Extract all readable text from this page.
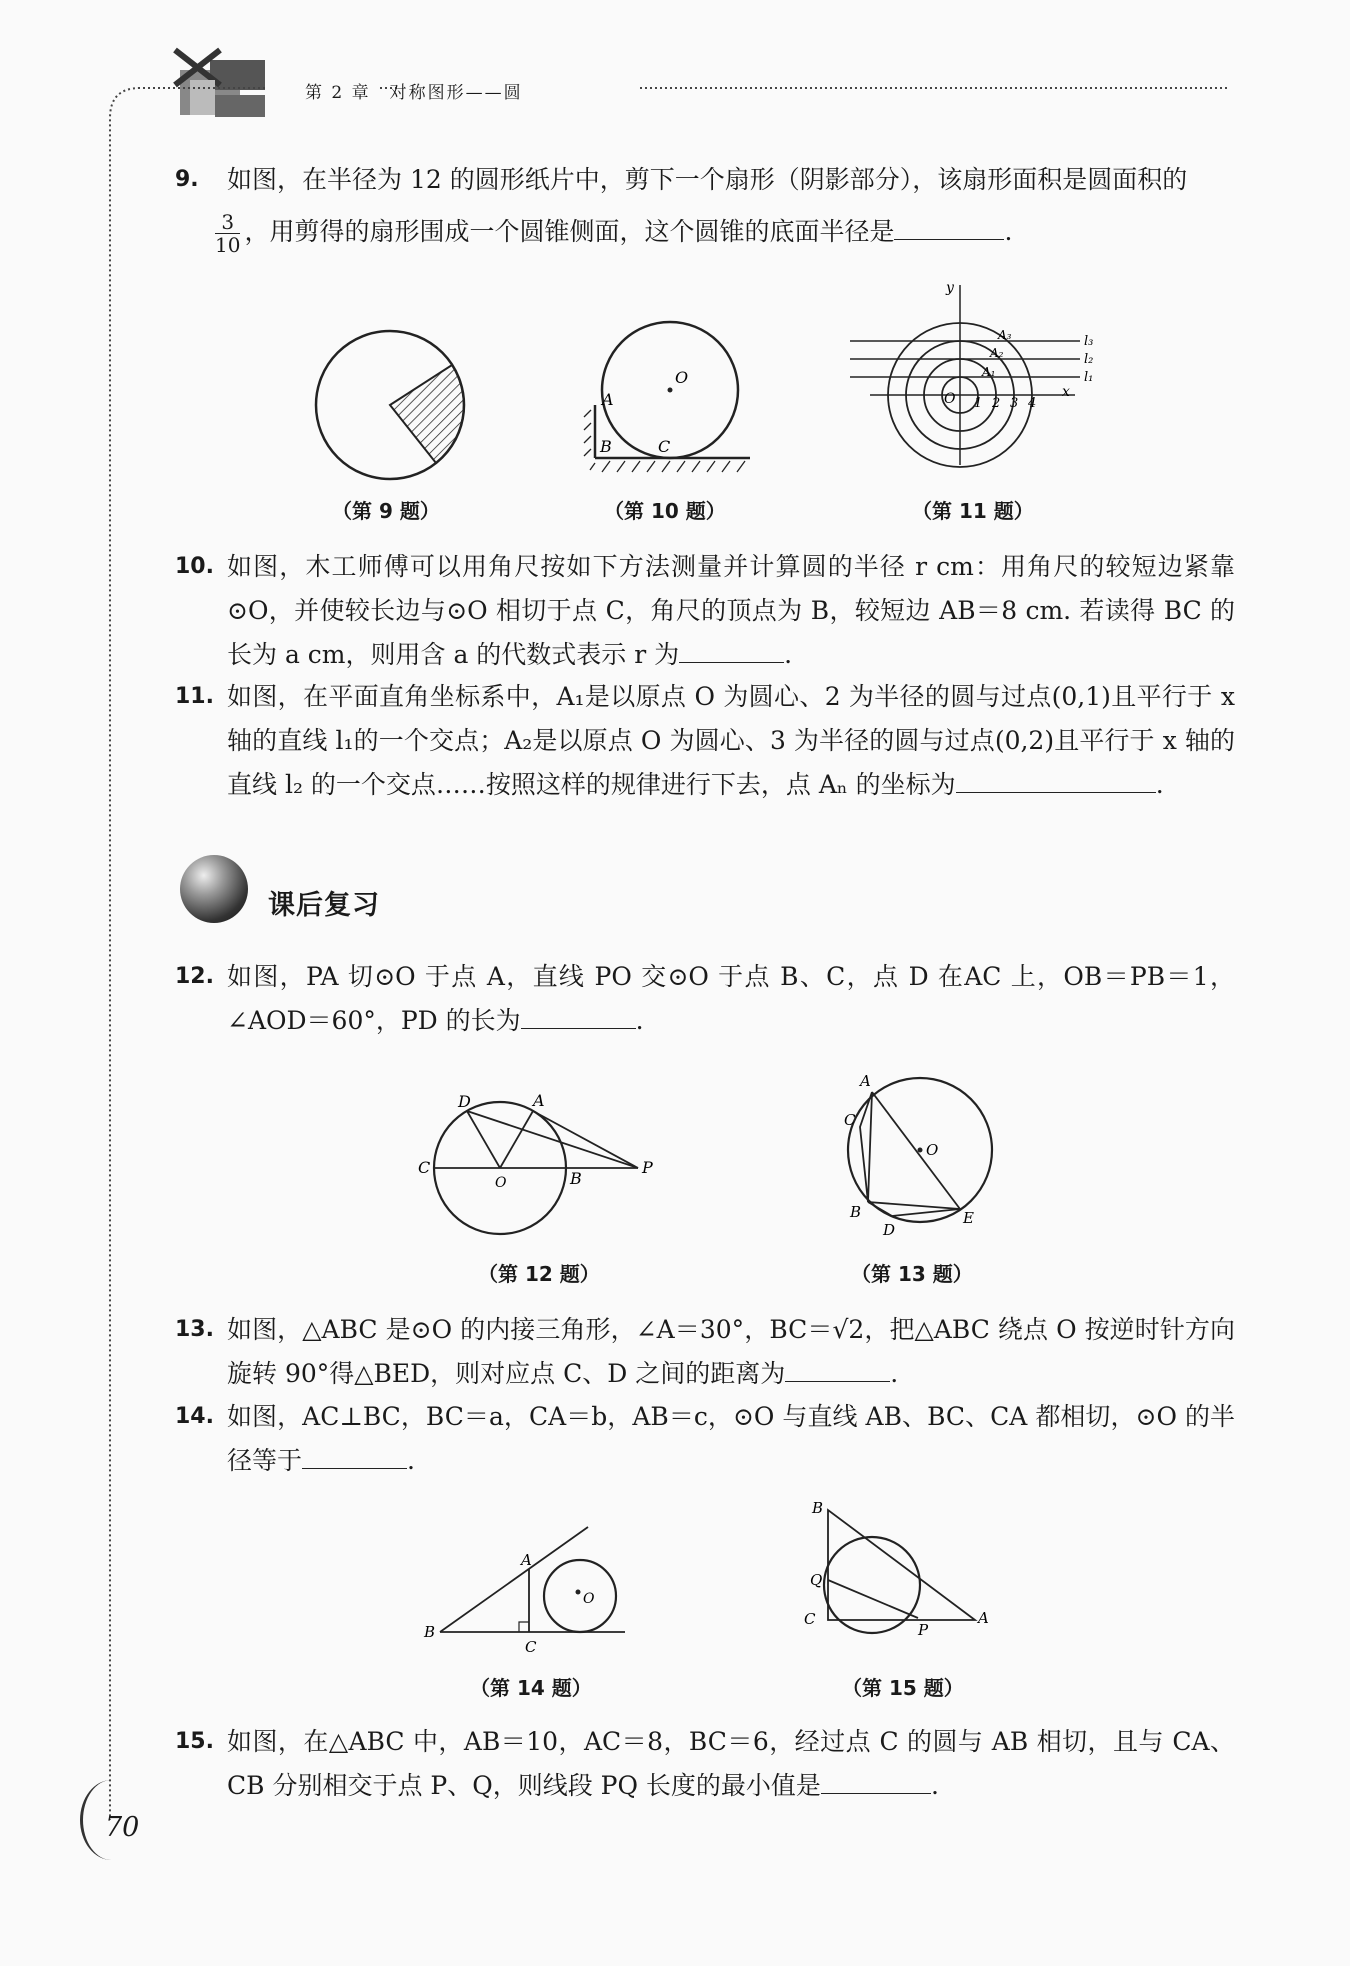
第 2 章　对称图形——圆
9. 如图，在半径为 12 的圆形纸片中，剪下一个扇形（阴影部分），该扇形面积是圆面积的
$\frac{3}{10}$ ，用剪得的扇形围成一个圆锥侧面，这个圆锥的底面半径是	.
（第 9 题）
O
A
B	C
（第 10 题）
y
x
O 1 2 3 4
l₁
l₂
l₃
A₁
A₂
A₃
（第 11 题）
10. 如图，木工师傅可以用角尺按如下方法测量并计算圆的半径 r cm：用角尺的较短边紧靠⊙O，并使较长边与⊙O 相切于点 C，角尺的顶点为 B，较短边 AB＝8 cm. 若读得 BC 的长为 a cm，则用含 a 的代数式表示 r 为	.
11. 如图，在平面直角坐标系中，A₁是以原点 O 为圆心、2 为半径的圆与过点(0,1)且平行于 x 轴的直线 l₁的一个交点；A₂是以原点 O 为圆心、3 为半径的圆与过点(0,2)且平行于 x 轴的直线 l₂ 的一个交点……按照这样的规律进行下去，点 Aₙ 的坐标为	.
课后复习
12. 如图，PA 切⊙O 于点 A，直线 PO 交⊙O 于点 B、C，点 D 在AC 上，OB＝PB＝1，∠AOD＝60°，PD 的长为	.
D	A
C
O	B
P
（第 12 题）
O
A
C
B
D
E
（第 13 题）
13. 如图，△ABC 是⊙O 的内接三角形，∠A＝30°，BC＝√2，把△ABC 绕点 O 按逆时针方向旋转 90°得△BED，则对应点 C、D 之间的距离为	.
14. 如图，AC⊥BC，BC＝a，CA＝b，AB＝c，⊙O 与直线 AB、BC、CA 都相切，⊙O 的半径等于	.
O
A
B
C
（第 14 题）
B
Q
C
P
A
（第 15 题）
15. 如图，在△ABC 中，AB＝10，AC＝8，BC＝6，经过点 C 的圆与 AB 相切，且与 CA、CB 分别相交于点 P、Q，则线段 PQ 长度的最小值是	.
70
